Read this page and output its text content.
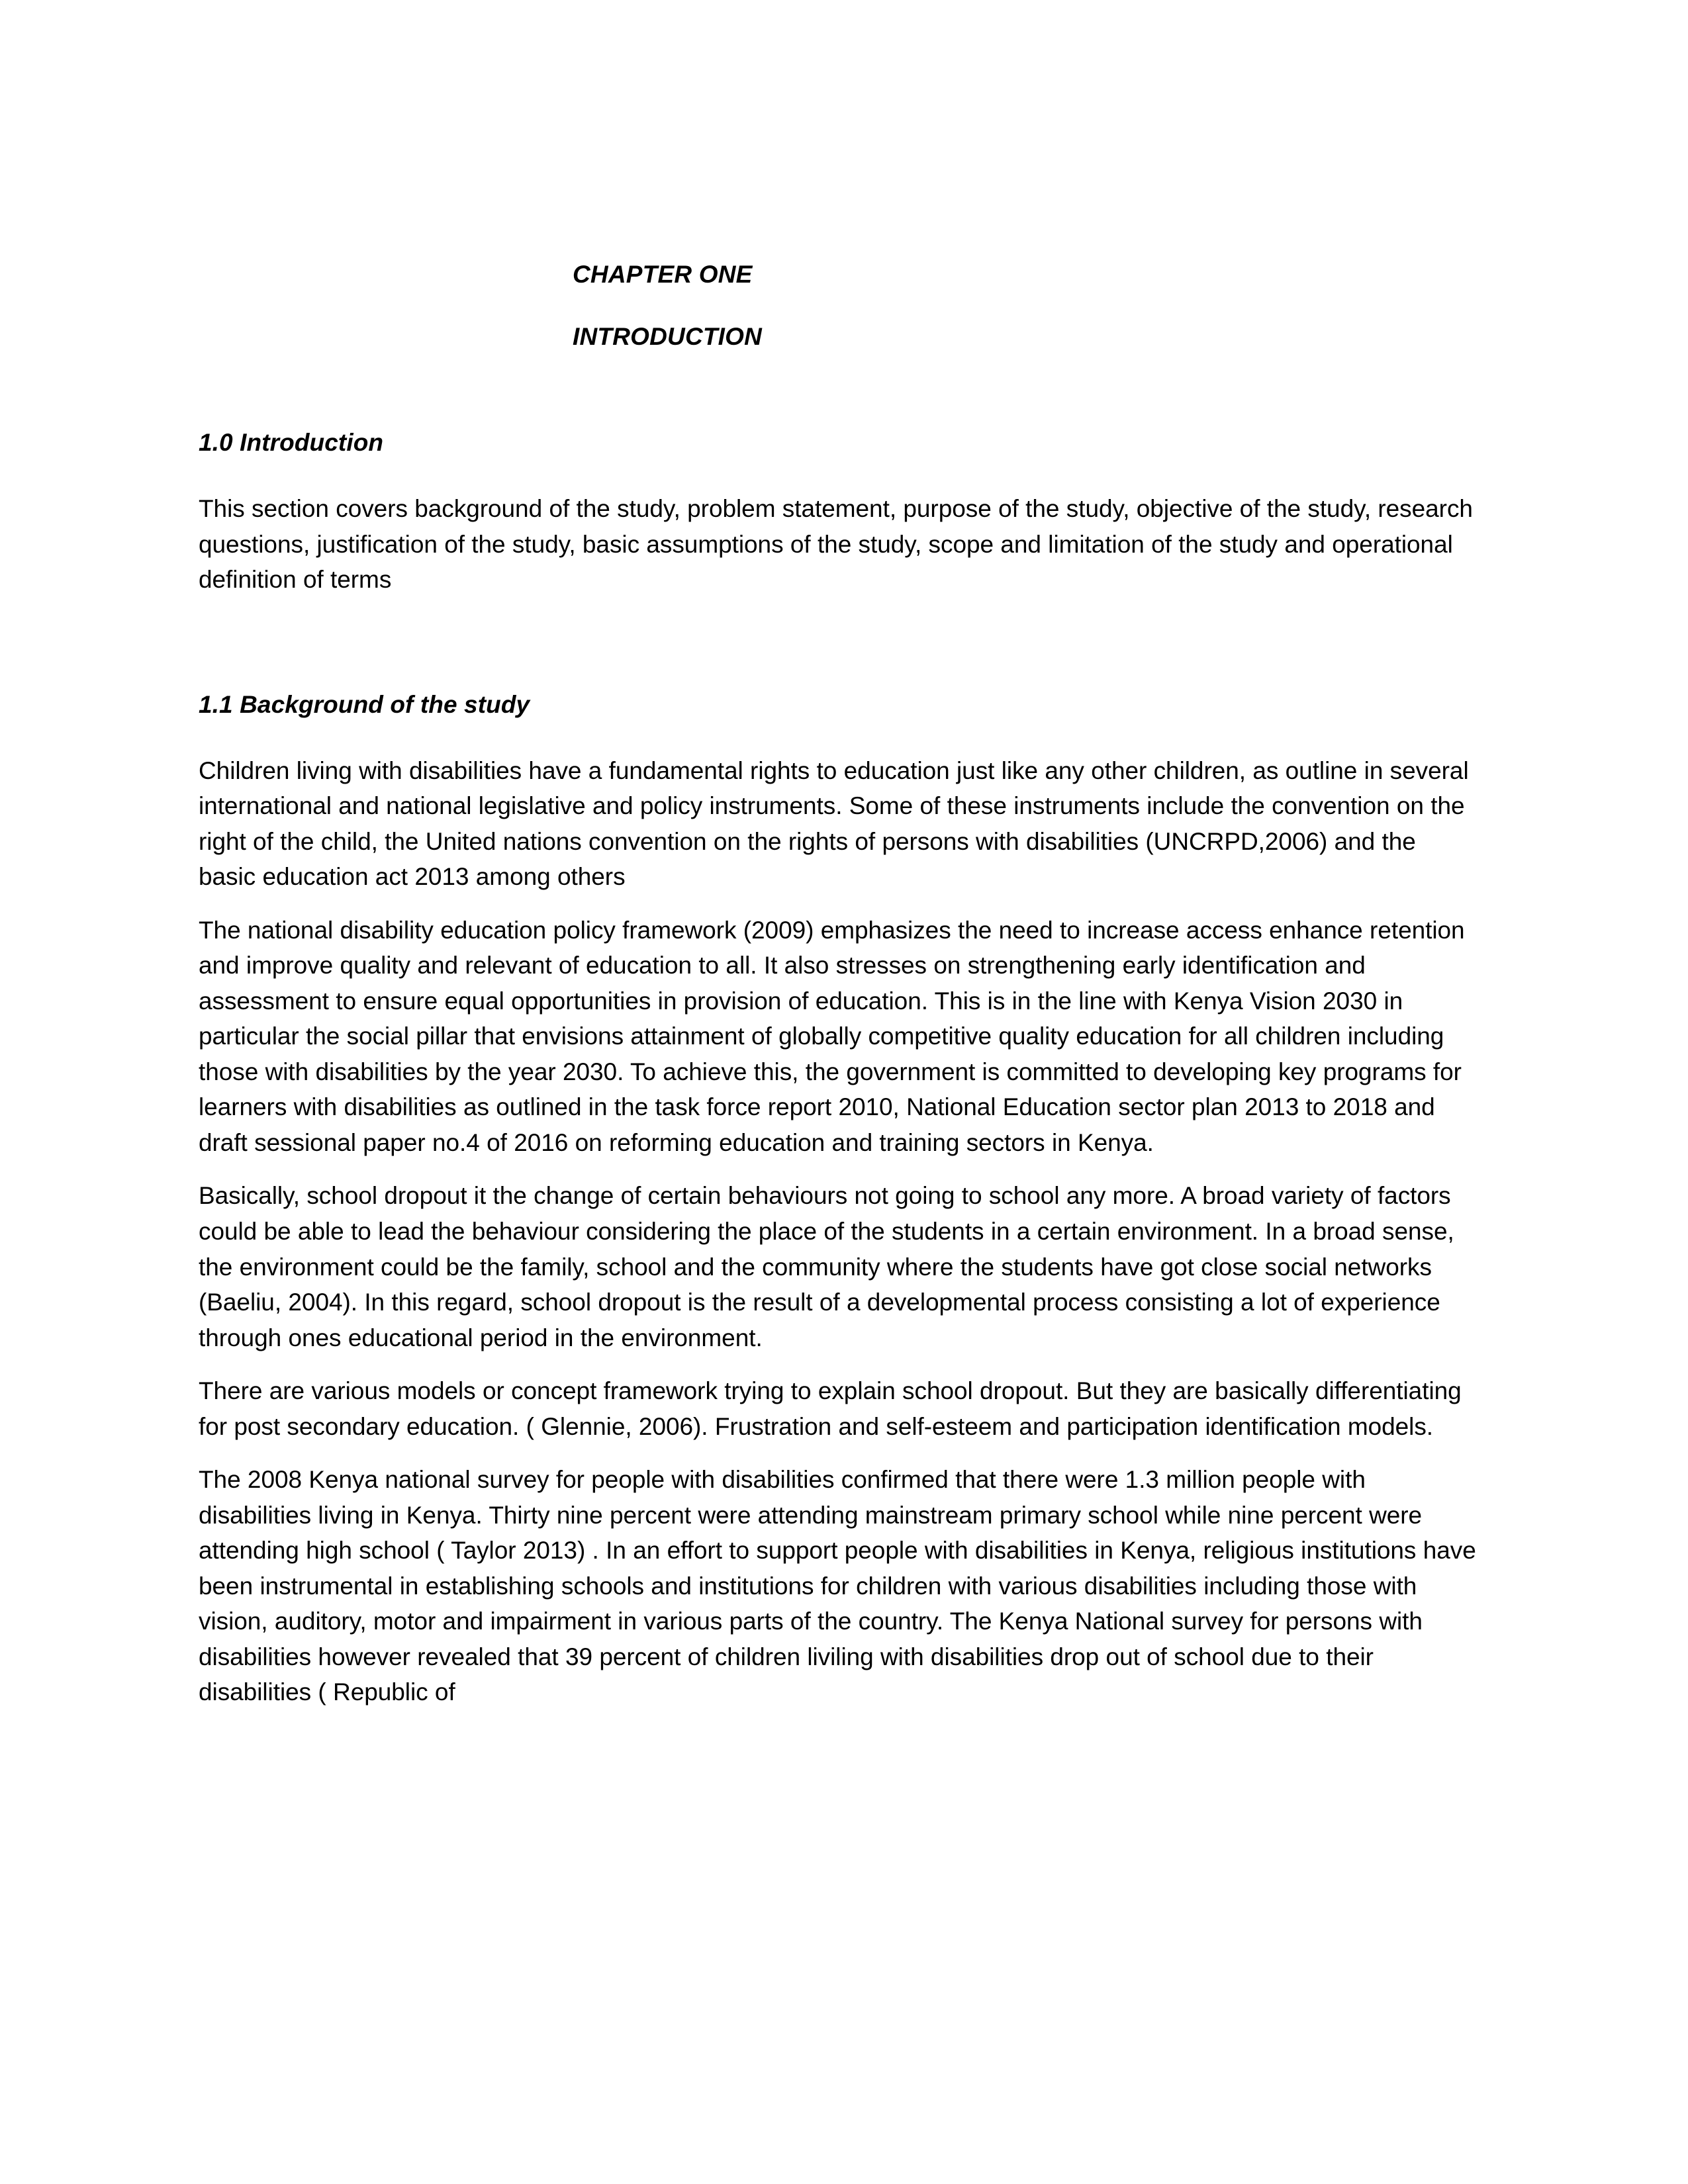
CHAPTER ONE
INTRODUCTION
1.0 Introduction

This section covers background of the study, problem statement, purpose of the study, objective of the study, research questions, justification of the study, basic assumptions of the study, scope and limitation of the study and operational definition of terms

1.1 Background of the study

Children living with disabilities have a fundamental rights to education just like any other children, as outline in several international and national legislative and policy instruments. Some of these instruments include the convention on the right of the child, the United nations convention on the rights of persons with disabilities (UNCRPD,2006) and the basic education act 2013 among others

The national disability education policy framework (2009) emphasizes the need to increase access enhance retention and improve quality and relevant of education to all. It also stresses on strengthening early identification and assessment to ensure equal opportunities in provision of education. This is in the line with Kenya Vision 2030 in particular the social pillar that envisions attainment of globally competitive quality education for all children including those with disabilities by the year 2030. To achieve this, the government is committed to developing key programs for learners with disabilities as outlined in the task force report 2010, National Education sector plan 2013 to 2018 and draft sessional paper no.4 of 2016 on reforming education and training sectors in Kenya.

Basically, school dropout it the change of certain behaviours not going to school any more. A broad variety of factors could be able to lead the behaviour considering the place of the students in a certain environment. In a broad sense, the environment could be the family, school and the community where the students have got close social networks (Baeliu, 2004). In this regard, school dropout is the result of a developmental process consisting a lot of experience through ones educational period in the environment.

There are various models or concept framework trying to explain school dropout. But they are basically differentiating for post secondary education. ( Glennie, 2006). Frustration and self-esteem and participation identification models.

The 2008 Kenya national survey for people with disabilities confirmed that there were 1.3 million people with disabilities living in Kenya. Thirty nine percent were attending mainstream primary school while nine percent were attending high school ( Taylor 2013) . In an effort to support people with disabilities in Kenya, religious institutions have been instrumental in establishing schools and institutions for children with various disabilities including those with vision, auditory, motor and impairment in various parts of the country. The Kenya National survey for persons with disabilities however revealed that 39 percent of children liviling with disabilities drop out of school due to their disabilities ( Republic of
